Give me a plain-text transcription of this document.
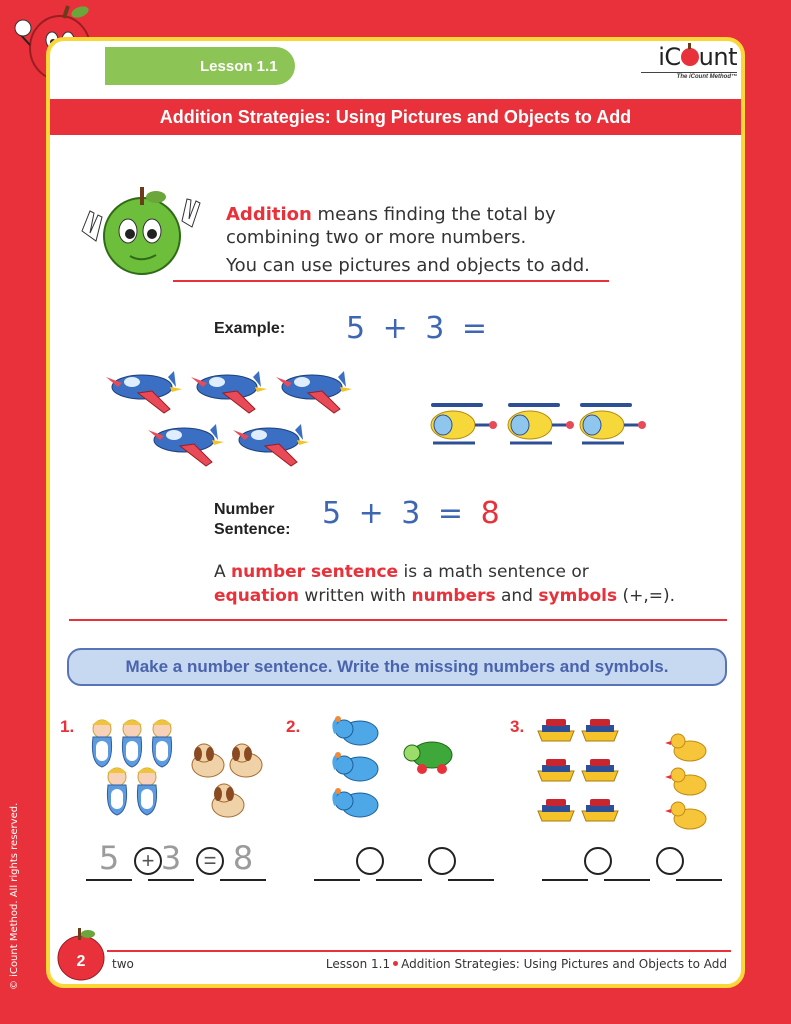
Lesson 1.1	iC unt
The iCount Method™
Addition Strategies: Using Pictures and Objects to Add
Addition means finding the total by
combining two or more numbers.
You can use pictures and objects to add.
Example: 5 + 3 =
Number
Sentence: 5 + 3 = 8
A number sentence is a math sentence or
equation written with numbers and symbols (+,=).
Make a number sentence. Write the missing numbers and symbols.
1.
5	+ 3	= 8
2.	3.
2 two	Lesson 1.1 Addition Strategies: Using Pictures and Objects to Add
© iCount Method. All rights reserved.
